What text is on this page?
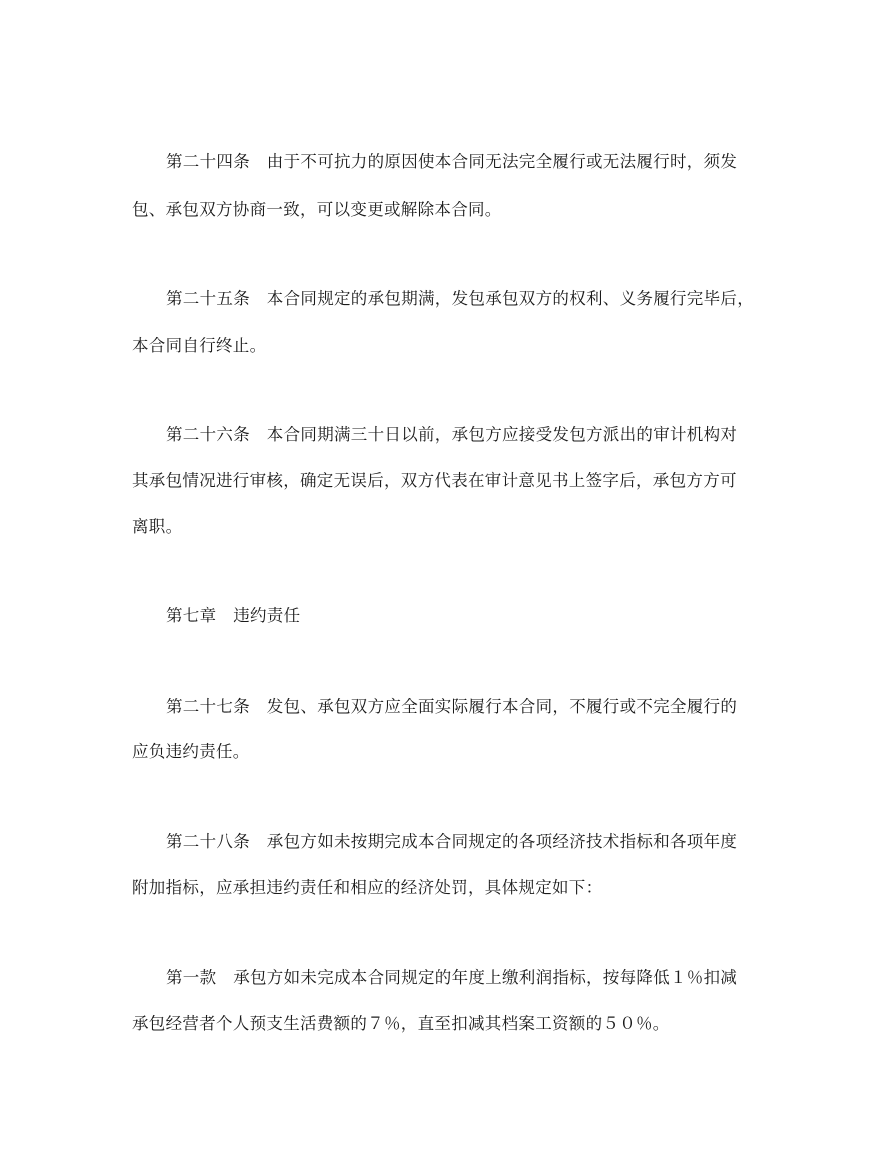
第二十四条　由于不可抗力的原因使本合同无法完全履行或无法履行时，须发
包、承包双方协商一致，可以变更或解除本合同。
第二十五条　本合同规定的承包期满，发包承包双方的权利、义务履行完毕后，
本合同自行终止。
第二十六条　本合同期满三十日以前，承包方应接受发包方派出的审计机构对
其承包情况进行审核，确定无误后，双方代表在审计意见书上签字后，承包方方可
离职。
第七章　违约责任
第二十七条　发包、承包双方应全面实际履行本合同，不履行或不完全履行的
应负违约责任。
第二十八条　承包方如未按期完成本合同规定的各项经济技术指标和各项年度
附加指标，应承担违约责任和相应的经济处罚，具体规定如下：
第一款　承包方如未完成本合同规定的年度上缴利润指标，按每降低１％扣减
承包经营者个人预支生活费额的７％，直至扣减其档案工资额的５０％。
